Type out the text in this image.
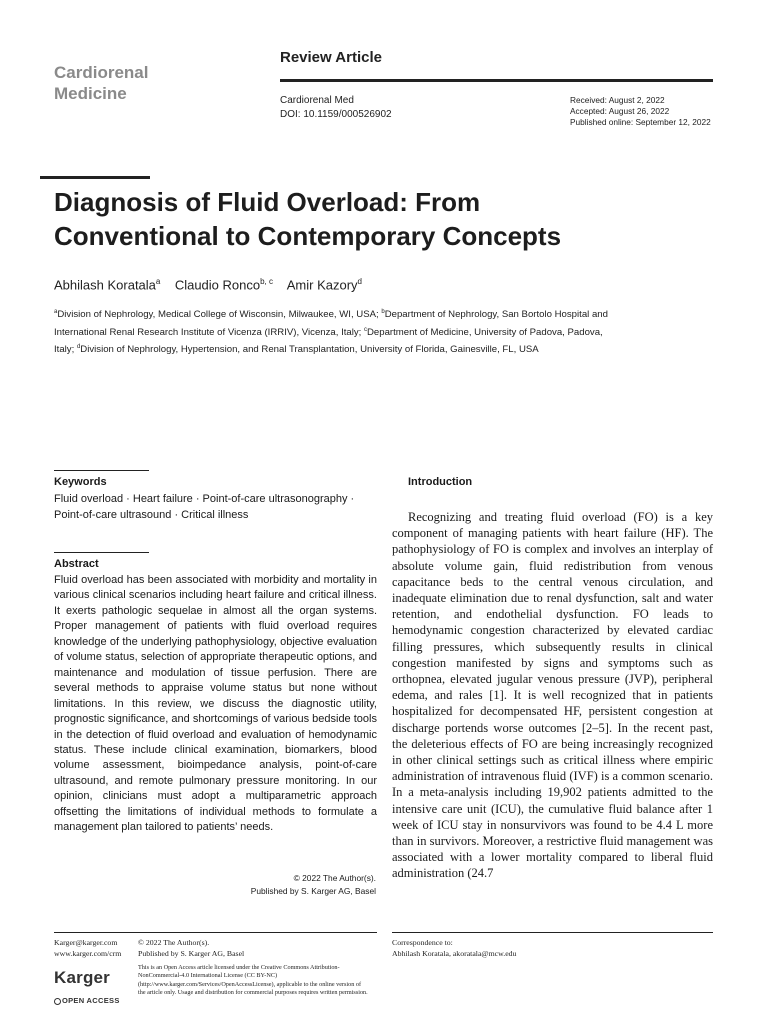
Cardiorenal
Medicine
Review Article
Cardiorenal Med
DOI: 10.1159/000526902
Received: August 2, 2022
Accepted: August 26, 2022
Published online: September 12, 2022
Diagnosis of Fluid Overload: From
Conventional to Contemporary Concepts
Abhilash Koratala$^a$ Claudio Ronco$^{b, c}$ Amir Kazory$^d$
$^a$Division of Nephrology, Medical College of Wisconsin, Milwaukee, WI, USA; $^b$Department of Nephrology, San Bortolo Hospital and International Renal Research Institute of Vicenza (IRRIV), Vicenza, Italy; $^c$Department of Medicine, University of Padova, Padova, Italy; $^d$Division of Nephrology, Hypertension, and Renal Transplantation, University of Florida, Gainesville, FL, USA
Keywords
Fluid overload · Heart failure · Point-of-care ultrasonography · Point-of-care ultrasound · Critical illness
Abstract
Fluid overload has been associated with morbidity and mortality in various clinical scenarios including heart failure and critical illness. It exerts pathologic sequelae in almost all the organ systems. Proper management of patients with fluid overload requires knowledge of the underlying pathophysiology, objective evaluation of volume status, selection of appropriate therapeutic options, and maintenance and modulation of tissue perfusion. There are several methods to appraise volume status but none without limitations. In this review, we discuss the diagnostic utility, prognostic significance, and shortcomings of various bedside tools in the detection of fluid overload and evaluation of hemodynamic status. These include clinical examination, biomarkers, blood volume assessment, bioimpedance analysis, point-of-care ultrasound, and remote pulmonary pressure monitoring. In our opinion, clinicians must adopt a multiparametric approach offsetting the limitations of individual methods to formulate a management plan tailored to patients’ needs.
© 2022 The Author(s).
Published by S. Karger AG, Basel
Introduction

Recognizing and treating fluid overload (FO) is a key component of managing patients with heart failure (HF). The pathophysiology of FO is complex and involves an interplay of absolute volume gain, fluid redistribution from venous capacitance beds to the central venous circulation, and inadequate elimination due to renal dysfunction, salt and water retention, and endothelial dysfunction. FO leads to hemodynamic congestion characterized by elevated cardiac filling pressures, which subsequently results in clinical congestion manifested by signs and symptoms such as orthopnea, elevated jugular venous pressure (JVP), peripheral edema, and rales [1]. It is well recognized that in patients hospitalized for decompensated HF, persistent congestion at discharge portends worse outcomes [2–5]. In the recent past, the deleterious effects of FO are being increasingly recognized in other clinical settings such as critical illness where empiric administration of intravenous fluid (IVF) is a common scenario. In a meta-analysis including 19,902 patients admitted to the intensive care unit (ICU), the cumulative fluid balance after 1 week of ICU stay in nonsurvivors was found to be 4.4 L more than in survivors. Moreover, a restrictive fluid management was associated with a lower mortality compared to liberal fluid administration (24.7

Karger@karger.com
www.karger.com/crm
Karger
OPEN ACCESS
© 2022 The Author(s).
Published by S. Karger AG, Basel
This is an Open Access article licensed under the Creative Commons Attribution-NonCommercial-4.0 International License (CC BY-NC) (http://www.karger.com/Services/OpenAccessLicense), applicable to the online version of the article only. Usage and distribution for commercial purposes requires written permission.
Correspondence to:
Abhilash Koratala, akoratala@mcw.edu
